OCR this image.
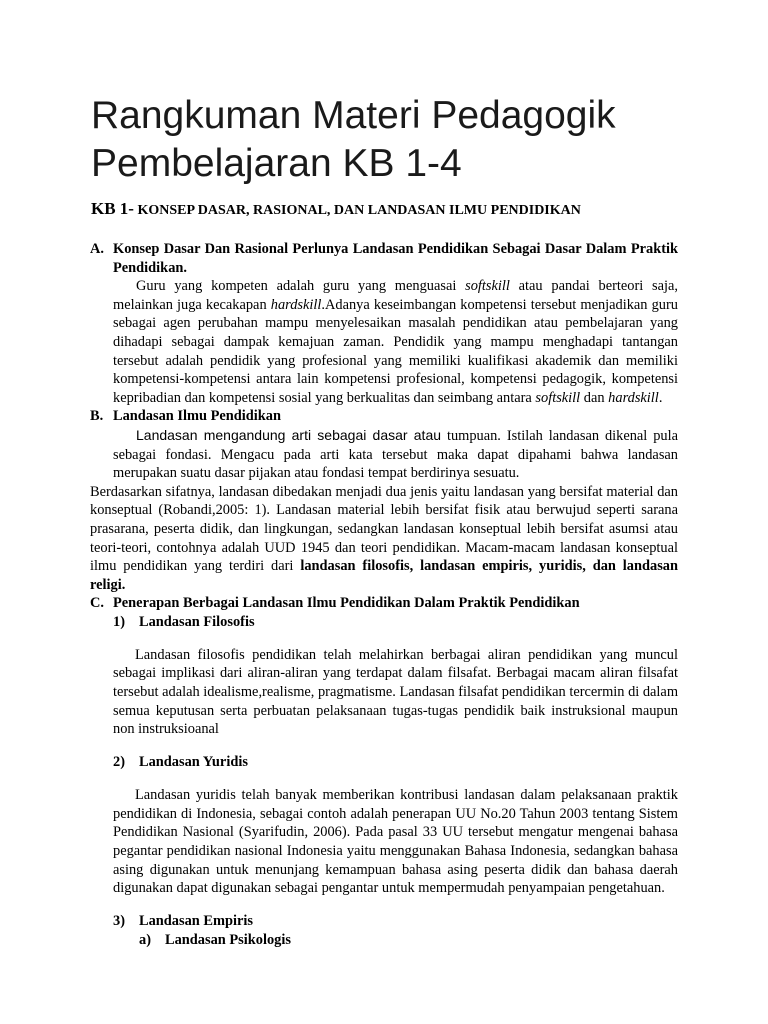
Rangkuman Materi Pedagogik Pembelajaran KB 1-4

KB 1- KONSEP DASAR, RASIONAL, DAN LANDASAN ILMU PENDIDIKAN

A. Konsep Dasar Dan Rasional Perlunya Landasan Pendidikan Sebagai Dasar Dalam Praktik Pendidikan.

Guru yang kompeten adalah guru yang menguasai softskill atau pandai berteori saja, melainkan juga kecakapan hardskill.Adanya keseimbangan kompetensi tersebut menjadikan guru sebagai agen perubahan mampu menyelesaikan masalah pendidikan atau pembelajaran yang dihadapi sebagai dampak kemajuan zaman. Pendidik yang mampu menghadapi tantangan tersebut adalah pendidik yang profesional yang memiliki kualifikasi akademik dan memiliki kompetensi-kompetensi antara lain kompetensi profesional, kompetensi pedagogik, kompetensi kepribadian dan kompetensi sosial yang berkualitas dan seimbang antara softskill dan hardskill.

B. Landasan Ilmu Pendidikan

Landasan mengandung arti sebagai dasar atau tumpuan. Istilah landasan dikenal pula sebagai fondasi. Mengacu pada arti kata tersebut maka dapat dipahami bahwa landasan merupakan suatu dasar pijakan atau fondasi tempat berdirinya sesuatu.

Berdasarkan sifatnya, landasan dibedakan menjadi dua jenis yaitu landasan yang bersifat material dan konseptual (Robandi,2005: 1). Landasan material lebih bersifat fisik atau berwujud seperti sarana prasarana, peserta didik, dan lingkungan, sedangkan landasan konseptual lebih bersifat asumsi atau teori-teori, contohnya adalah UUD 1945 dan teori pendidikan. Macam-macam landasan konseptual ilmu pendidikan yang terdiri dari landasan filosofis, landasan empiris, yuridis, dan landasan religi.

C. Penerapan Berbagai Landasan Ilmu Pendidikan Dalam Praktik Pendidikan
1) Landasan Filosofis

Landasan filosofis pendidikan telah melahirkan berbagai aliran pendidikan yang muncul sebagai implikasi dari aliran-aliran yang terdapat dalam filsafat. Berbagai macam aliran filsafat tersebut adalah idealisme,realisme, pragmatisme. Landasan filsafat pendidikan tercermin di dalam semua keputusan serta perbuatan pelaksanaan tugas-tugas pendidik baik instruksional maupun non instruksioanal

2) Landasan Yuridis

Landasan yuridis telah banyak memberikan kontribusi landasan dalam pelaksanaan praktik pendidikan di Indonesia, sebagai contoh adalah penerapan UU No.20 Tahun 2003 tentang Sistem Pendidikan Nasional (Syarifudin, 2006). Pada pasal 33 UU tersebut mengatur mengenai bahasa pegantar pendidikan nasional Indonesia yaitu menggunakan Bahasa Indonesia, sedangkan bahasa asing digunakan untuk menunjang kemampuan bahasa asing peserta didik dan bahasa daerah digunakan dapat digunakan sebagai pengantar untuk mempermudah penyampaian pengetahuan.

3) Landasan Empiris
a) Landasan Psikologis
